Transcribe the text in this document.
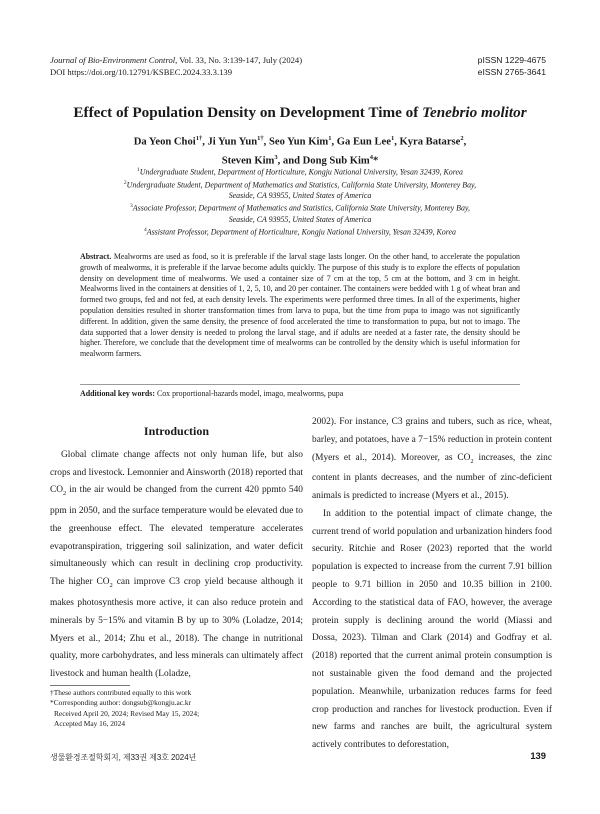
Journal of Bio-Environment Control, Vol. 33, No. 3:139-147, July (2024)
DOI https://doi.org/10.12791/KSBEC.2024.33.3.139
pISSN 1229-4675
eISSN 2765-3641
Effect of Population Density on Development Time of Tenebrio molitor
Da Yeon Choi$^{1\dagger}$, Ji Yun Yun$^{1\dagger}$, Seo Yun Kim$^1$, Ga Eun Lee$^1$, Kyra Batarse$^2$,
Steven Kim$^3$, and Dong Sub Kim$^4$*
$^1$Undergraduate Student, Department of Horticulture, Kongju National University, Yesan 32439, Korea
$^2$Undergraduate Student, Department of Mathematics and Statistics, California State University, Monterey Bay,
Seaside, CA 93955, United States of America
$^3$Associate Professor, Department of Mathematics and Statistics, California State University, Monterey Bay,
Seaside, CA 93955, United States of America
$^4$Assistant Professor, Department of Horticulture, Kongju National University, Yesan 32439, Korea
Abstract. Mealworms are used as food, so it is preferable if the larval stage lasts longer. On the other hand, to accelerate the population growth of mealworms, it is preferable if the larvae become adults quickly. The purpose of this study is to explore the effects of population density on development time of mealworms. We used a container size of 7 cm at the top, 5 cm at the bottom, and 3 cm in height. Mealworms lived in the containers at densities of 1, 2, 5, 10, and 20 per container. The containers were bedded with 1 g of wheat bran and formed two groups, fed and not fed, at each density levels. The experiments were performed three times. In all of the experiments, higher population densities resulted in shorter transformation times from larva to pupa, but the time from pupa to imago was not significantly different. In addition, given the same density, the presence of food accelerated the time to transformation to pupa, but not to imago. The data supported that a lower density is needed to prolong the larval stage, and if adults are needed at a faster rate, the density should be higher. Therefore, we conclude that the development time of mealworms can be controlled by the density which is useful information for mealworm farmers.
Additional key words: Cox proportional-hazards model, imago, mealworms, pupa
Introduction
Global climate change affects not only human life, but also crops and livestock. Lemonnier and Ainsworth (2018) reported that $CO_2$ in the air would be changed from the current 420 ppmto 540 ppm in 2050, and the surface temperature would be elevated due to the greenhouse effect. The elevated temperature accelerates evapotranspiration, triggering soil salinization, and water deficit simultaneously which can result in declining crop productivity. The higher $CO_2$ can improve C3 crop yield because although it makes photosynthesis more active, it can also reduce protein and minerals by 5−15% and vitamin B by up to 30% (Loladze, 2014; Myers et al., 2014; Zhu et al., 2018). The change in nutritional quality, more carbohydrates, and less minerals can ultimately affect livestock and human health (Loladze,
2002). For instance, C3 grains and tubers, such as rice, wheat, barley, and potatoes, have a 7−15% reduction in protein content (Myers et al., 2014). Moreover, as $CO_2$ increases, the zinc content in plants decreases, and the number of zinc-deficient animals is predicted to increase (Myers et al., 2015).
In addition to the potential impact of climate change, the current trend of world population and urbanization hinders food security. Ritchie and Roser (2023) reported that the world population is expected to increase from the current 7.91 billion people to 9.71 billion in 2050 and 10.35 billion in 2100. According to the statistical data of FAO, however, the average protein supply is declining around the world (Miassi and Dossa, 2023). Tilman and Clark (2014) and Godfray et al. (2018) reported that the current animal protein consumption is not sustainable given the food demand and the projected population. Meanwhile, urbanization reduces farms for feed crop production and ranches for livestock production. Even if new farms and ranches are built, the agricultural system actively contributes to deforestation,
†These authors contributed equally to this work
*Corresponding author: dongsub@kongju.ac.kr
Received April 20, 2024; Revised May 15, 2024;
Accepted May 16, 2024
생물환경조절학회지, 제33권 제3호 2024년	139
